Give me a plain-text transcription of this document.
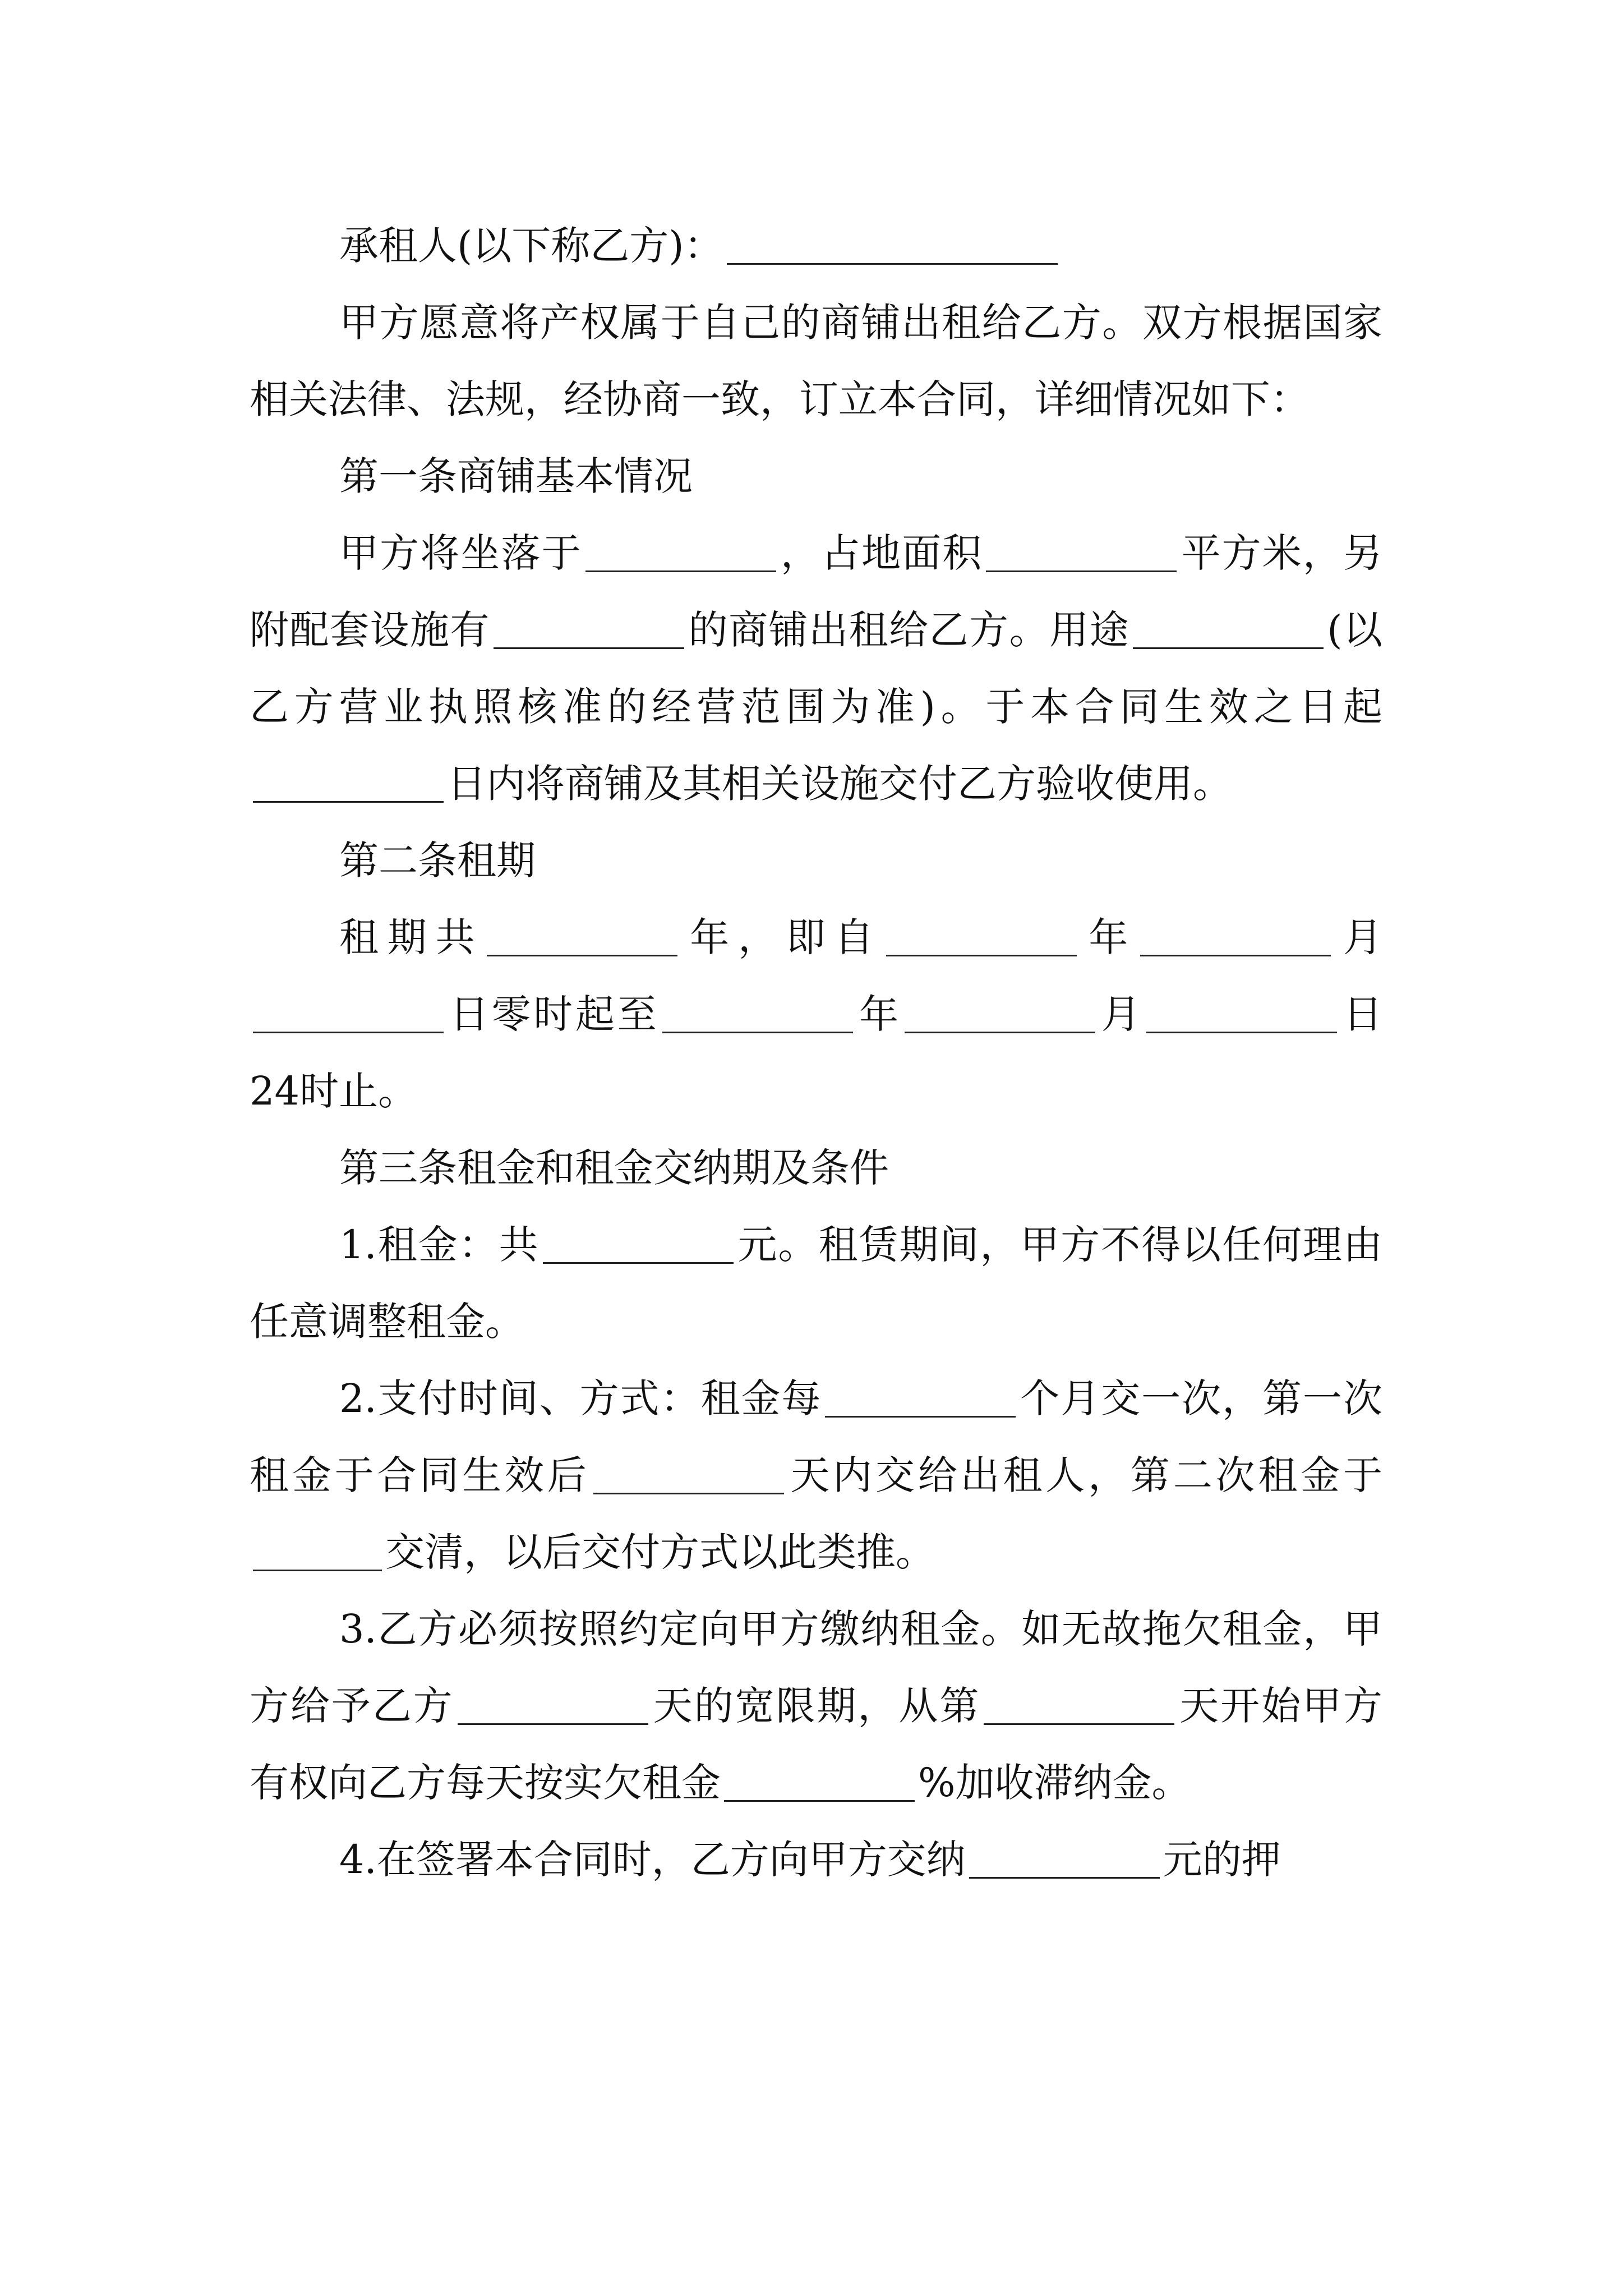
承租人(以下称乙方)：

甲方愿意将产权属于自己的商铺出租给乙方。双方根据国家相关法律、法规，经协商一致，订立本合同，详细情况如下：

第一条商铺基本情况

甲方将坐落于	，占地面积	平方米，另附配套设施有	的商铺出租给乙方。用途	(以乙方营业执照核准的经营范围为准)。于本合同生效之日起日内将商铺及其相关设施交付乙方验收使用。

第二条租期

租期共	年，即自	年	月日零时起至	年	月	日24时止。

第三条租金和租金交纳期及条件

1.租金：共	元。租赁期间，甲方不得以任何理由任意调整租金。

2.支付时间、方式：租金每	个月交一次，第一次租金于合同生效后	天内交给出租人，第二次租金于交清，以后交付方式以此类推。

3.乙方必须按照约定向甲方缴纳租金。如无故拖欠租金，甲方给予乙方	天的宽限期，从第	天开始甲方有权向乙方每天按实欠租金	%加收滞纳金。

4.在签署本合同时，乙方向甲方交纳	元的押
